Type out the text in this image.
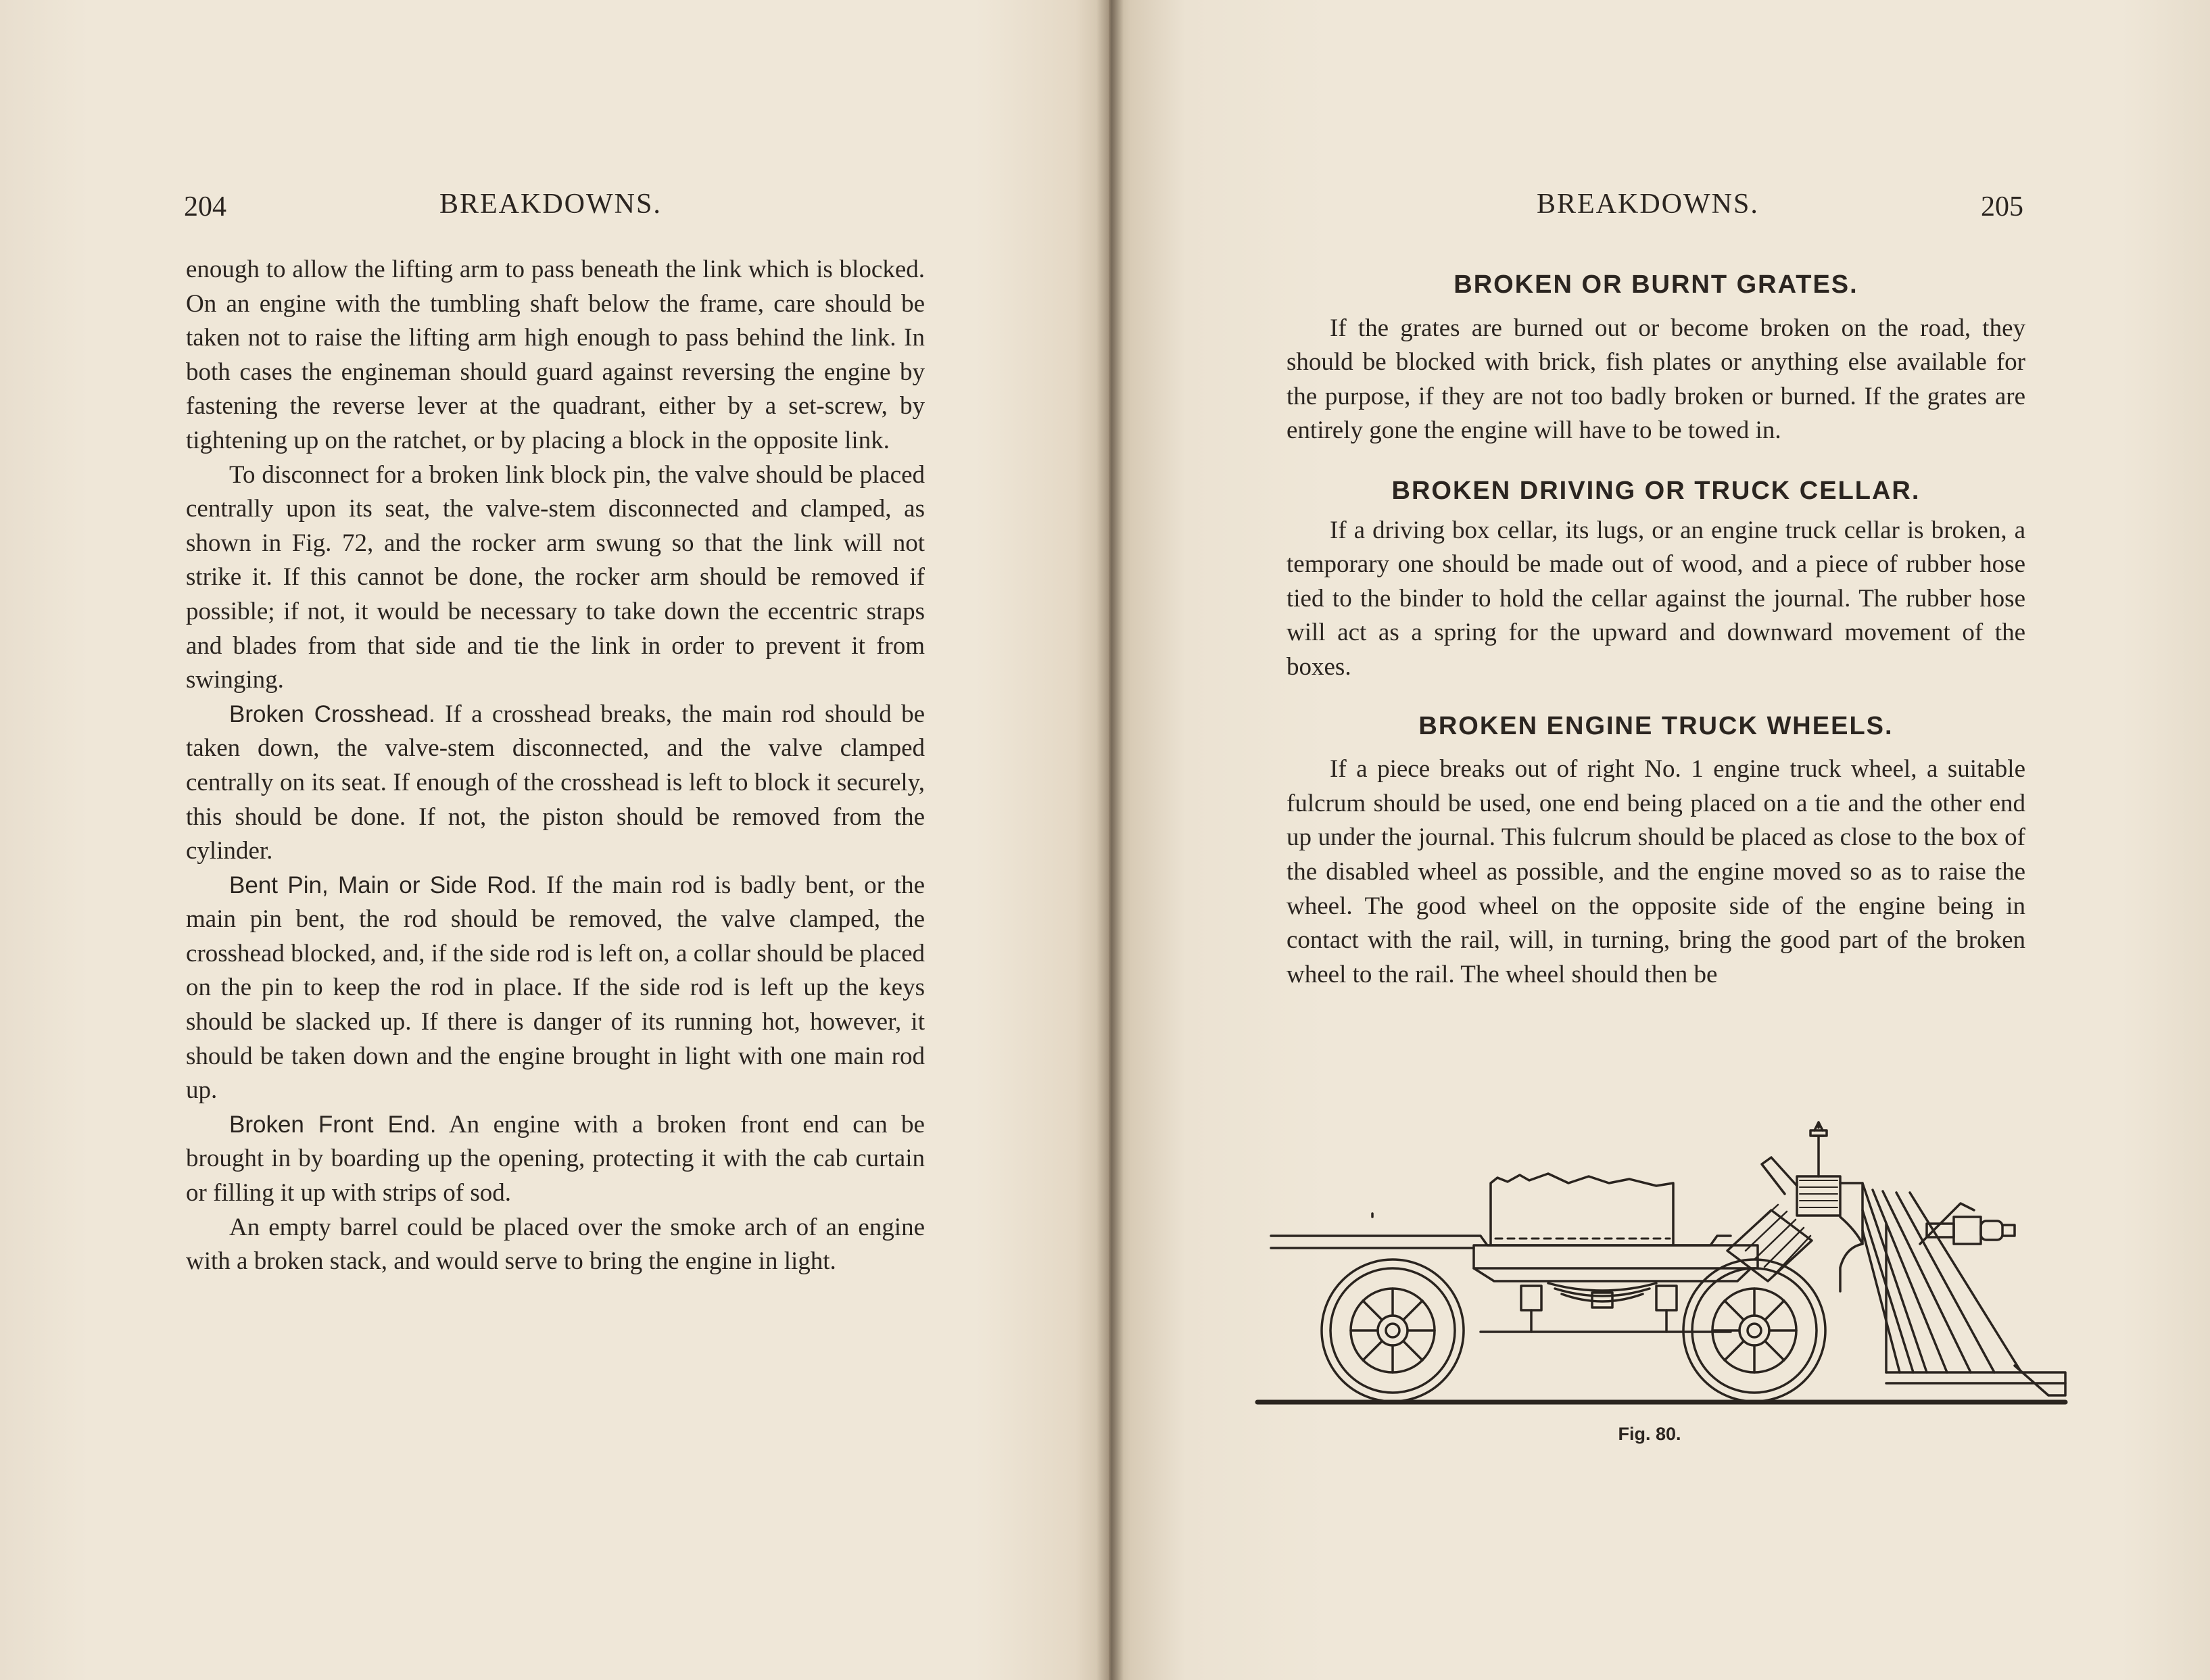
204	BREAKDOWNS.

enough to allow the lifting arm to pass beneath the link which is blocked. On an engine with the tumbling shaft below the frame, care should be taken not to raise the lifting arm high enough to pass behind the link. In both cases the engineman should guard against reversing the engine by fastening the reverse lever at the quadrant, either by a set-screw, by tightening up on the ratchet, or by placing a block in the opposite link.

To disconnect for a broken link block pin, the valve should be placed centrally upon its seat, the valve-stem disconnected and clamped, as shown in Fig. 72, and the rocker arm swung so that the link will not strike it. If this cannot be done, the rocker arm should be removed if possible; if not, it would be necessary to take down the eccentric straps and blades from that side and tie the link in order to prevent it from swinging.

Broken Crosshead. If a crosshead breaks, the main rod should be taken down, the valve-stem disconnected, and the valve clamped centrally on its seat. If enough of the crosshead is left to block it securely, this should be done. If not, the piston should be removed from the cylinder.

Bent Pin, Main or Side Rod. If the main rod is badly bent, or the main pin bent, the rod should be removed, the valve clamped, the crosshead blocked, and, if the side rod is left on, a collar should be placed on the pin to keep the rod in place. If the side rod is left up the keys should be slacked up. If there is danger of its running hot, however, it should be taken down and the engine brought in light with one main rod up.

Broken Front End. An engine with a broken front end can be brought in by boarding up the opening, protecting it with the cab curtain or filling it up with strips of sod.

An empty barrel could be placed over the smoke arch of an engine with a broken stack, and would serve to bring the engine in light.

BREAKDOWNS.	205
BROKEN OR BURNT GRATES.

If the grates are burned out or become broken on the road, they should be blocked with brick, fish plates or anything else available for the purpose, if they are not too badly broken or burned. If the grates are entirely gone the engine will have to be towed in.

BROKEN DRIVING OR TRUCK CELLAR.

If a driving box cellar, its lugs, or an engine truck cellar is broken, a temporary one should be made out of wood, and a piece of rubber hose tied to the binder to hold the cellar against the journal. The rubber hose will act as a spring for the upward and downward movement of the boxes.

BROKEN ENGINE TRUCK WHEELS.

If a piece breaks out of right No. 1 engine truck wheel, a suitable fulcrum should be used, one end being placed on a tie and the other end up under the journal. This fulcrum should be placed as close to the box of the disabled wheel as possible, and the engine moved so as to raise the wheel. The good wheel on the opposite side of the engine being in contact with the rail, will, in turning, bring the good part of the broken wheel to the rail. The wheel should then be

Fig. 80.
